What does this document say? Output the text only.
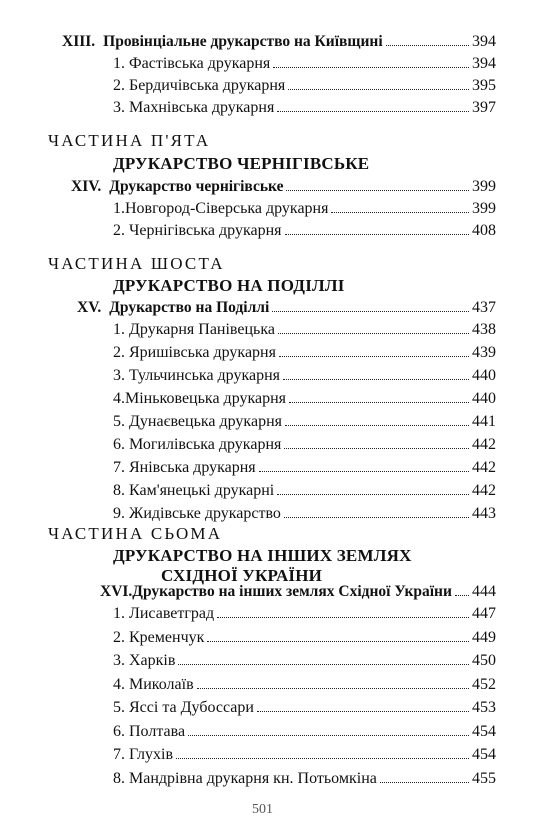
XIII. Провінціальне друкарство на Київщині	394
1. Фастівська друкарня	394
2. Бердичівська друкарня	395
3. Махнівська друкарня	397
ЧАСТИНА П'ЯТА
ДРУКАРСТВО ЧЕРНІГІВСЬКЕ
XIV. Друкарство чернігівське	399
1.Новгород-Сіверська друкарня	399
2. Чернігівська друкарня	408
ЧАСТИНА ШОСТА
ДРУКАРСТВО НА ПОДІЛЛІ
XV. Друкарство на Поділлі	437
1. Друкарня Панівецька	438
2. Яришівська друкарня	439
3. Тульчинська друкарня	440
4.Міньковецька друкарня	440
5. Дунаєвецька друкарня	441
6. Могилівська друкарня	442
7. Янівська друкарня	442
8. Кам'янецькі друкарні	442
9. Жидівське друкарство	443
ЧАСТИНА СЬОМА
ДРУКАРСТВО НА ІНШИХ ЗЕМЛЯХ
СХІДНОЇ УКРАЇНИ
XVI. Друкарство на інших землях Східної України 444
1. Лисаветград	447
2. Кременчук	449
3. Харків	450
4. Миколаїв	452
5. Яссі та Дубоссари	453
6. Полтава	454
7. Глухів	454
8. Мандрівна друкарня кн. Потьомкіна	455
501
